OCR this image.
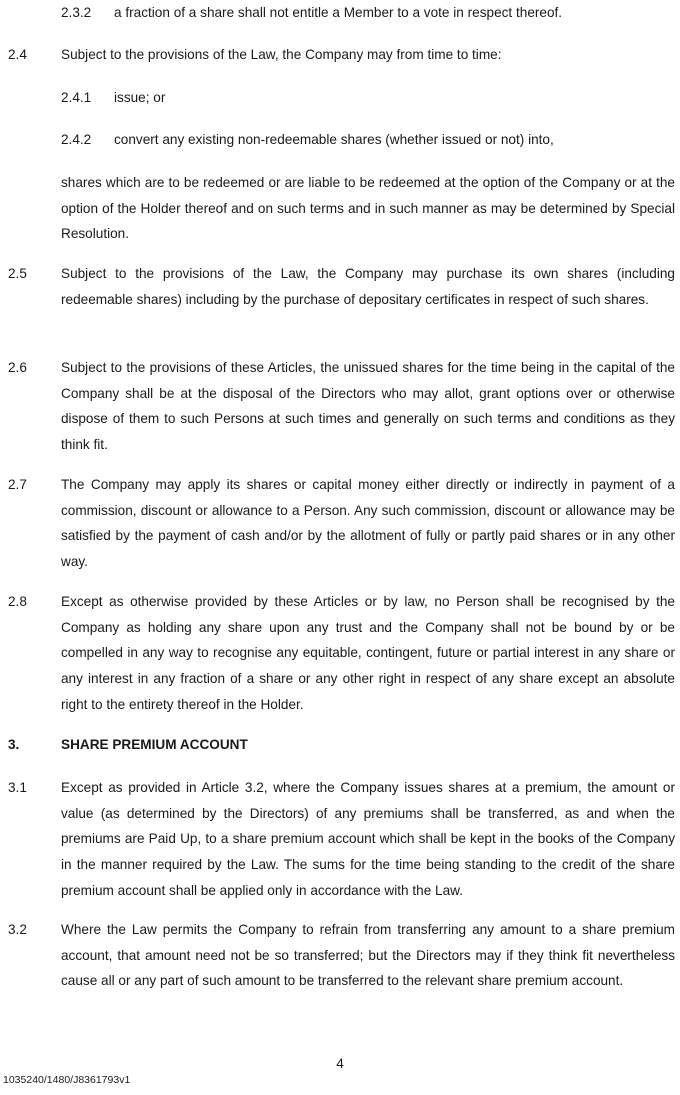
2.3.2 a fraction of a share shall not entitle a Member to a vote in respect thereof.
2.4	Subject to the provisions of the Law, the Company may from time to time:
2.4.1 issue; or
2.4.2 convert any existing non-redeemable shares (whether issued or not) into,
shares which are to be redeemed or are liable to be redeemed at the option of the Company or at the option of the Holder thereof and on such terms and in such manner as may be determined by Special Resolution.
2.5	Subject to the provisions of the Law, the Company may purchase its own shares (including redeemable shares) including by the purchase of depositary certificates in respect of such shares.
2.6	Subject to the provisions of these Articles, the unissued shares for the time being in the capital of the Company shall be at the disposal of the Directors who may allot, grant options over or otherwise dispose of them to such Persons at such times and generally on such terms and conditions as they think fit.
2.7	The Company may apply its shares or capital money either directly or indirectly in payment of a commission, discount or allowance to a Person. Any such commission, discount or allowance may be satisfied by the payment of cash and/or by the allotment of fully or partly paid shares or in any other way.
2.8	Except as otherwise provided by these Articles or by law, no Person shall be recognised by the Company as holding any share upon any trust and the Company shall not be bound by or be compelled in any way to recognise any equitable, contingent, future or partial interest in any share or any interest in any fraction of a share or any other right in respect of any share except an absolute right to the entirety thereof in the Holder.
3.	SHARE PREMIUM ACCOUNT
3.1	Except as provided in Article 3.2, where the Company issues shares at a premium, the amount or value (as determined by the Directors) of any premiums shall be transferred, as and when the premiums are Paid Up, to a share premium account which shall be kept in the books of the Company in the manner required by the Law. The sums for the time being standing to the credit of the share premium account shall be applied only in accordance with the Law.
3.2	Where the Law permits the Company to refrain from transferring any amount to a share premium account, that amount need not be so transferred; but the Directors may if they think fit nevertheless cause all or any part of such amount to be transferred to the relevant share premium account.
4
1035240/1480/J8361793v1
